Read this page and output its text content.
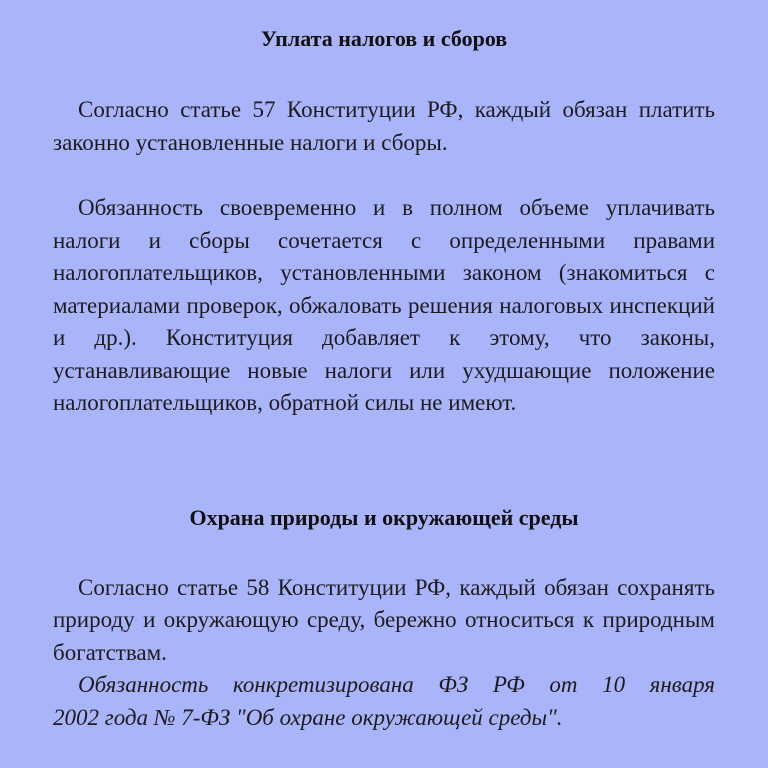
Уплата налогов и сборов

Согласно статье 57 Конституции РФ, каждый обязан платить законно установленные налоги и сборы.

Обязанность своевременно и в полном объеме уплачивать налоги и сборы сочетается с определенными правами налогоплательщиков, установленными законом (знакомиться с материалами проверок, обжаловать решения налоговых инспекций и др.). Конституция добавляет к этому, что законы, устанавливающие новые налоги или ухудшающие положение

налогоплательщиков, обратной силы не имеют.

Охрана природы и окружающей среды

Согласно статье 58 Конституции РФ, каждый обязан сохранять природу и окружающую среду, бережно относиться к природным богатствам.

Обязанность конкретизирована ФЗ РФ от 10 января

2002 года № 7-ФЗ "Об охране окружающей среды".
